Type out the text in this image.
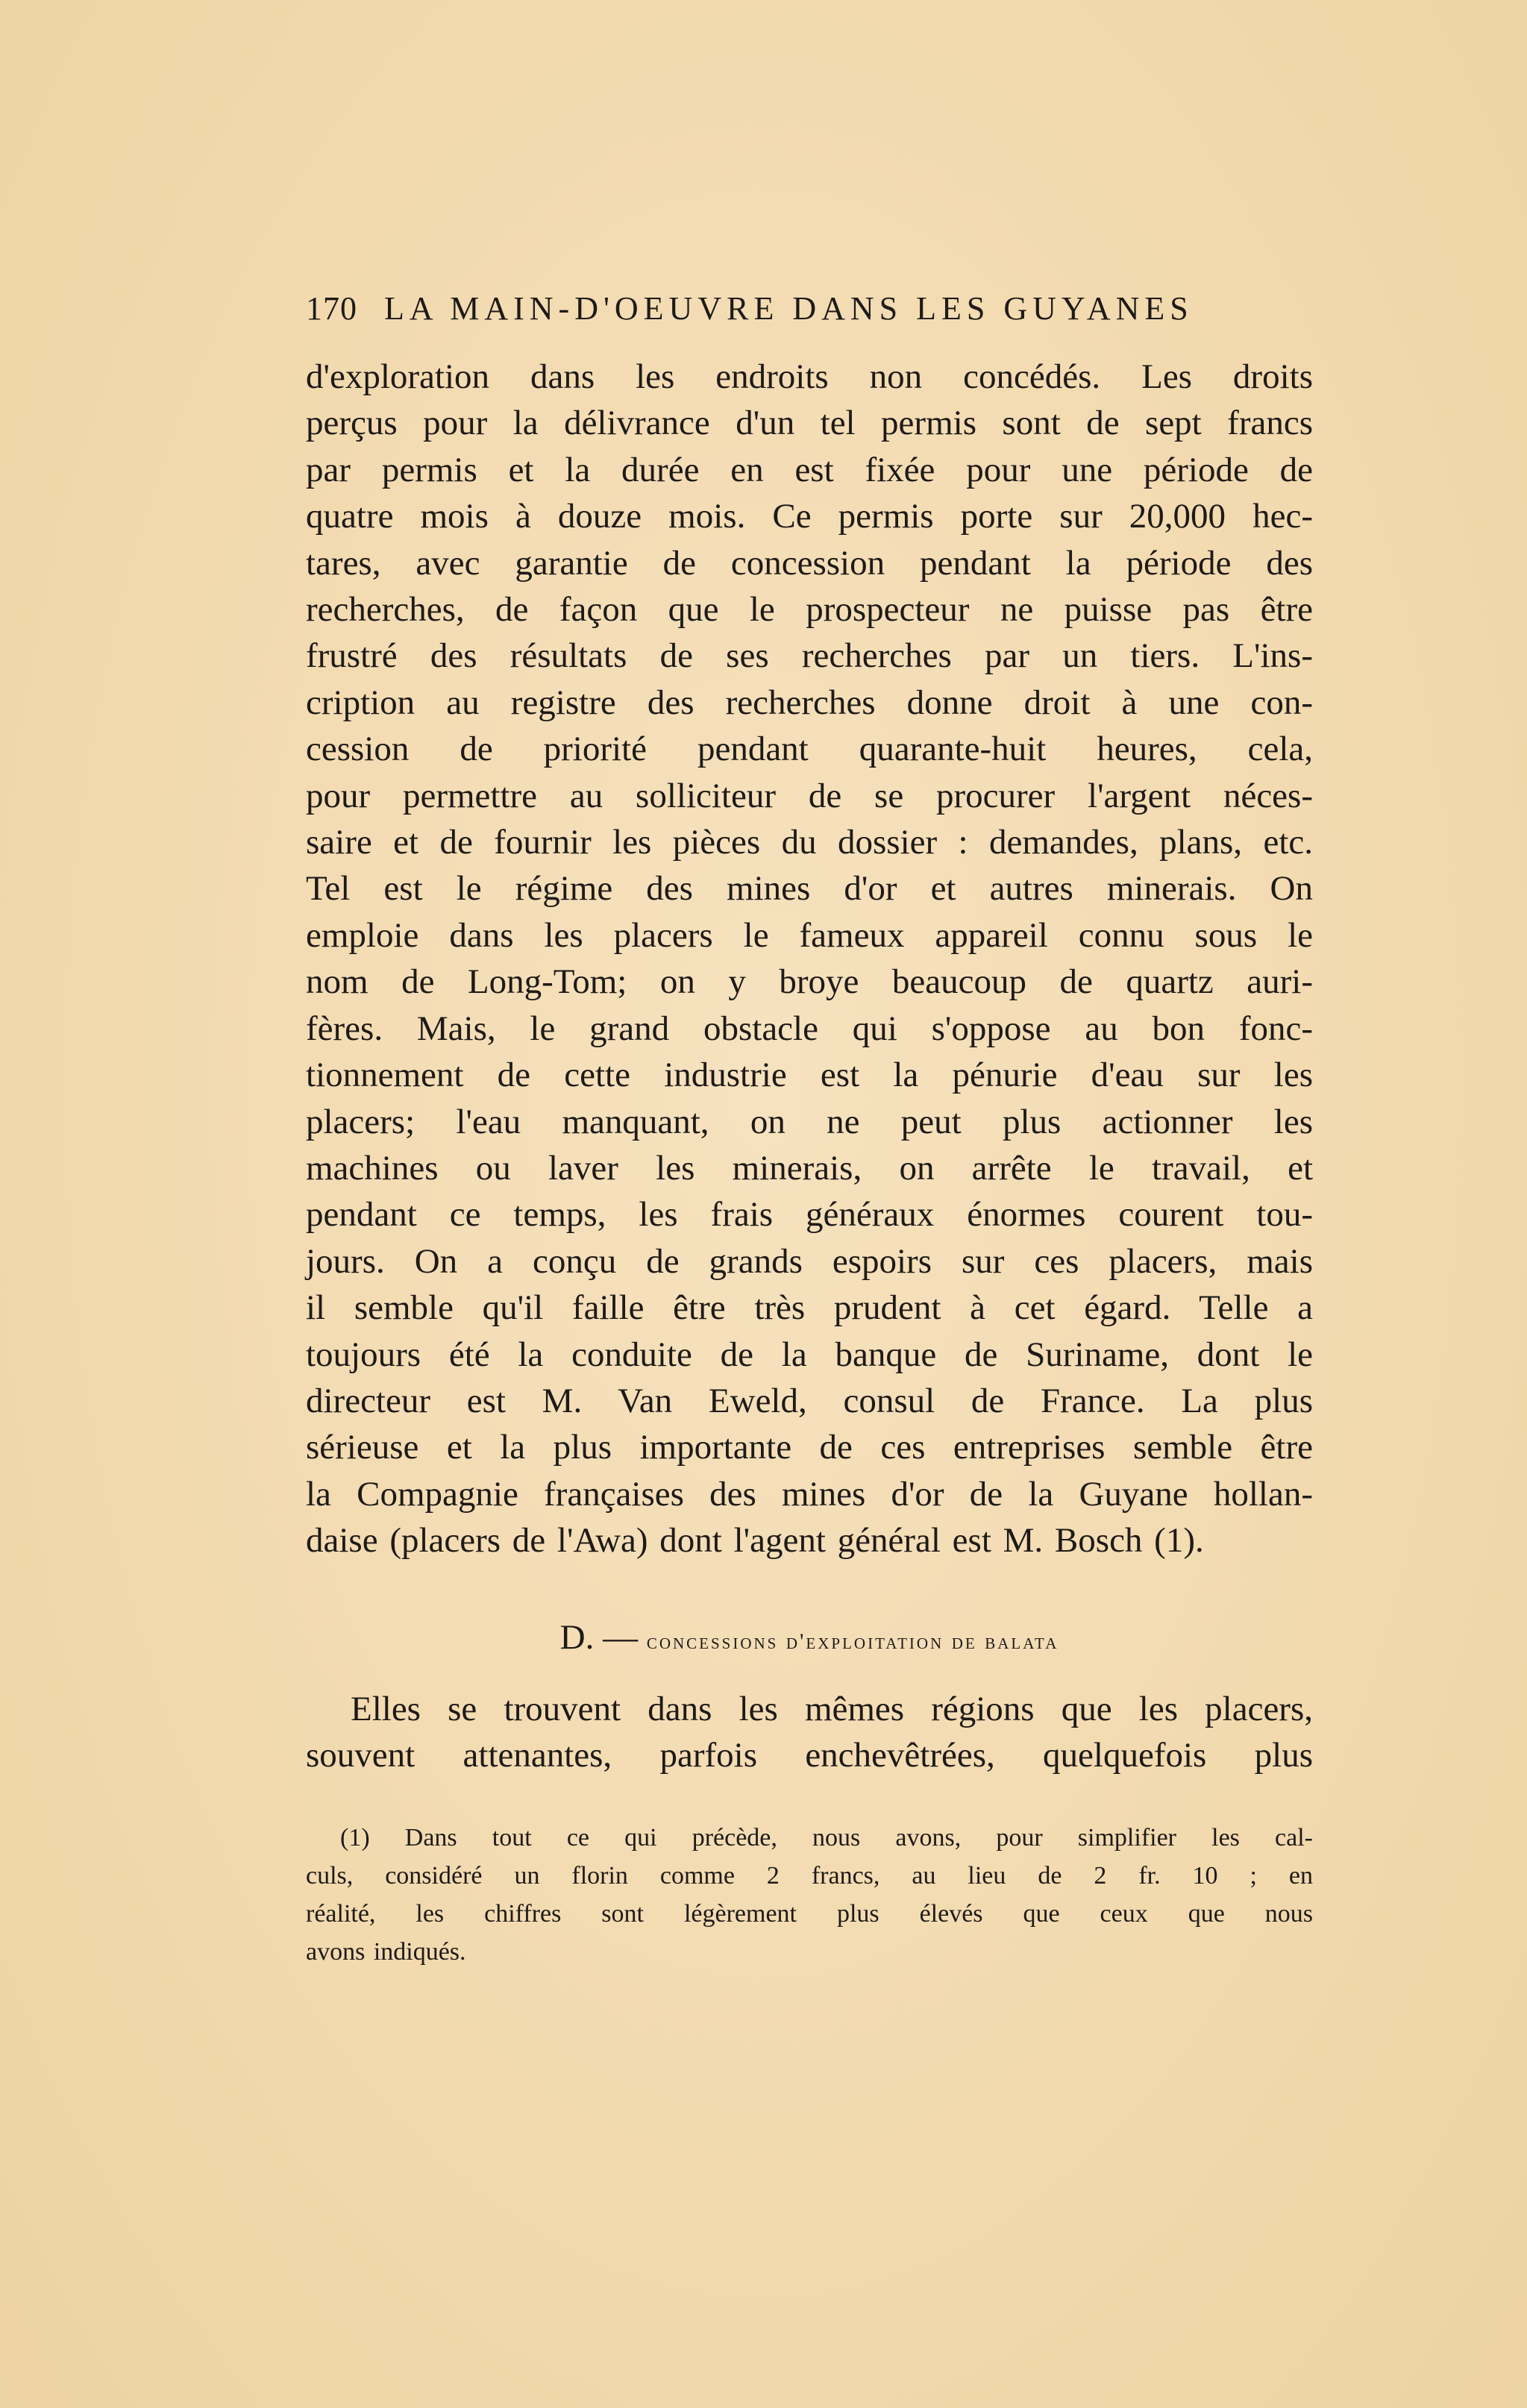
170 LA MAIN-D'OEUVRE DANS LES GUYANES
d'exploration dans les endroits non concédés. Les droits
perçus pour la délivrance d'un tel permis sont de sept francs
par permis et la durée en est fixée pour une période de
quatre mois à douze mois. Ce permis porte sur 20,000 hec-
tares, avec garantie de concession pendant la période des
recherches, de façon que le prospecteur ne puisse pas être
frustré des résultats de ses recherches par un tiers. L'ins-
cription au registre des recherches donne droit à une con-
cession de priorité pendant quarante-huit heures, cela,
pour permettre au solliciteur de se procurer l'argent néces-
saire et de fournir les pièces du dossier : demandes, plans, etc.
Tel est le régime des mines d'or et autres minerais. On
emploie dans les placers le fameux appareil connu sous le
nom de Long-Tom; on y broye beaucoup de quartz auri-
fères. Mais, le grand obstacle qui s'oppose au bon fonc-
tionnement de cette industrie est la pénurie d'eau sur les
placers; l'eau manquant, on ne peut plus actionner les
machines ou laver les minerais, on arrête le travail, et
pendant ce temps, les frais généraux énormes courent tou-
jours. On a conçu de grands espoirs sur ces placers, mais
il semble qu'il faille être très prudent à cet égard. Telle a
toujours été la conduite de la banque de Suriname, dont le
directeur est M. Van Eweld, consul de France. La plus
sérieuse et la plus importante de ces entreprises semble être
la Compagnie françaises des mines d'or de la Guyane hollan-
daise (placers de l'Awa) dont l'agent général est M. Bosch (1).
D. — concessions d'exploitation de balata
Elles se trouvent dans les mêmes régions que les placers,
souvent attenantes, parfois enchevêtrées, quelquefois plus
(1) Dans tout ce qui précède, nous avons, pour simplifier les cal-
culs, considéré un florin comme 2 francs, au lieu de 2 fr. 10 ; en
réalité, les chiffres sont légèrement plus élevés que ceux que nous
avons indiqués.
